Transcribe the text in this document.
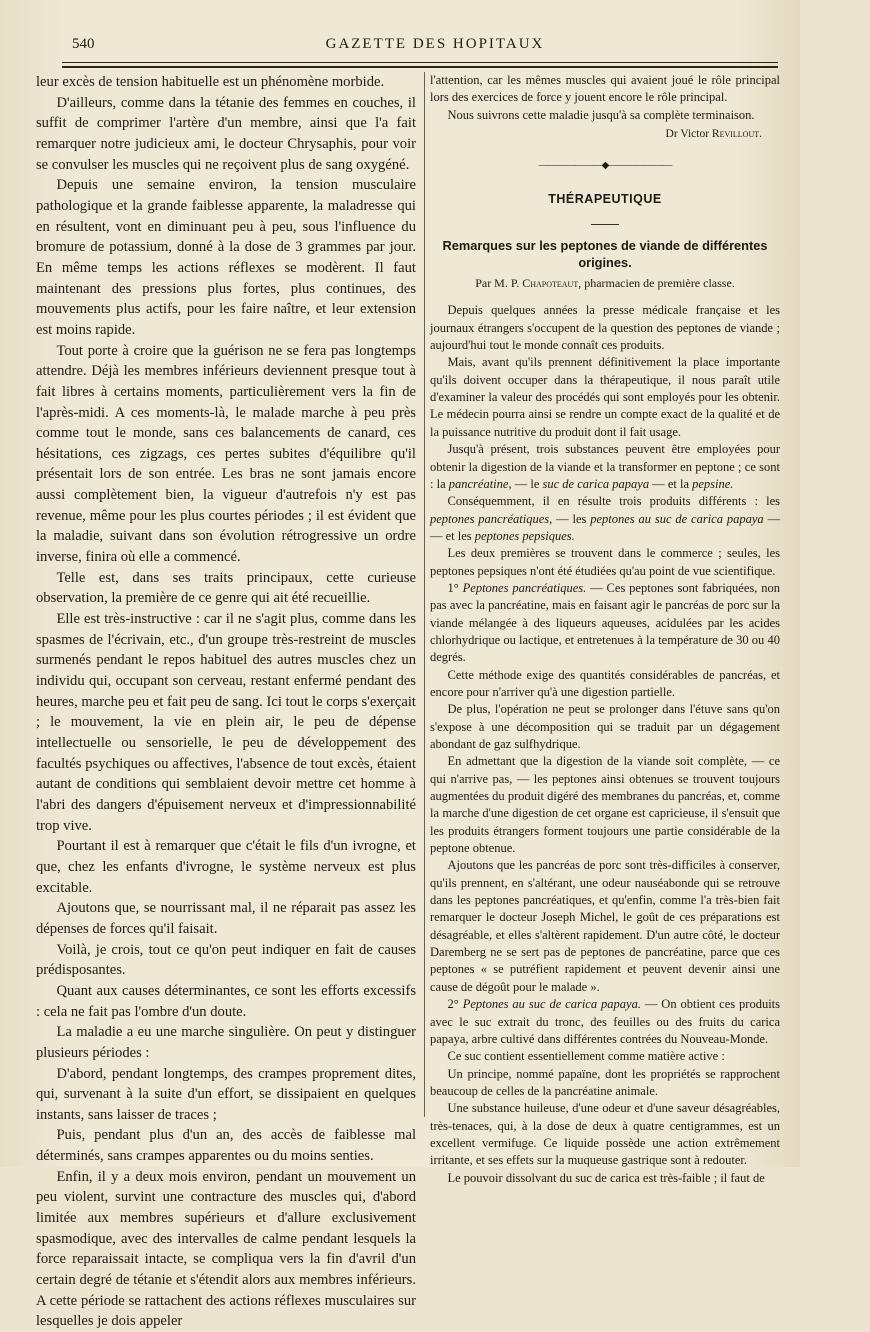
540	GAZETTE DES HOPITAUX

leur excès de tension habituelle est un phénomène morbide.

D'ailleurs, comme dans la tétanie des femmes en couches, il suffit de comprimer l'artère d'un membre, ainsi que l'a fait remarquer notre judicieux ami, le docteur Chrysaphis, pour voir se convulser les muscles qui ne reçoivent plus de sang oxygéné.

Depuis une semaine environ, la tension musculaire pathologique et la grande faiblesse apparente, la maladresse qui en résultent, vont en diminuant peu à peu, sous l'influence du bromure de potassium, donné à la dose de 3 grammes par jour. En même temps les actions réflexes se modèrent. Il faut maintenant des pressions plus fortes, plus continues, des mouvements plus actifs, pour les faire naître, et leur extension est moins rapide.

Tout porte à croire que la guérison ne se fera pas longtemps attendre. Déjà les membres inférieurs deviennent presque tout à fait libres à certains moments, particulièrement vers la fin de l'après-midi. A ces moments-là, le malade marche à peu près comme tout le monde, sans ces balancements de canard, ces hésitations, ces zigzags, ces pertes subites d'équilibre qu'il présentait lors de son entrée. Les bras ne sont jamais encore aussi complètement bien, la vigueur d'autrefois n'y est pas revenue, même pour les plus courtes périodes ; il est évident que la maladie, suivant dans son évolution rétrogressive un ordre inverse, finira où elle a commencé.

Telle est, dans ses traits principaux, cette curieuse observation, la première de ce genre qui ait été recueillie.

Elle est très-instructive : car il ne s'agit plus, comme dans les spasmes de l'écrivain, etc., d'un groupe très-restreint de muscles surmenés pendant le repos habituel des autres muscles chez un individu qui, occupant son cerveau, restant enfermé pendant des heures, marche peu et fait peu de sang. Ici tout le corps s'exerçait ; le mouvement, la vie en plein air, le peu de dépense intellectuelle ou sensorielle, le peu de développement des facultés psychiques ou affectives, l'absence de tout excès, étaient autant de conditions qui semblaient devoir mettre cet homme à l'abri des dangers d'épuisement nerveux et d'impressionnabilité trop vive.

Pourtant il est à remarquer que c'était le fils d'un ivrogne, et que, chez les enfants d'ivrogne, le système nerveux est plus excitable.

Ajoutons que, se nourrissant mal, il ne réparait pas assez les dépenses de forces qu'il faisait.

Voilà, je crois, tout ce qu'on peut indiquer en fait de causes prédisposantes.

Quant aux causes déterminantes, ce sont les efforts excessifs : cela ne fait pas l'ombre d'un doute.

La maladie a eu une marche singulière. On peut y distinguer plusieurs périodes :

D'abord, pendant longtemps, des crampes proprement dites, qui, survenant à la suite d'un effort, se dissipaient en quelques instants, sans laisser de traces ;

Puis, pendant plus d'un an, des accès de faiblesse mal déterminés, sans crampes apparentes ou du moins senties.

Enfin, il y a deux mois environ, pendant un mouvement un peu violent, survint une contracture des muscles qui, d'abord limitée aux membres supérieurs et d'allure exclusivement spasmodique, avec des intervalles de calme pendant lesquels la force reparaissait intacte, se compliqua vers la fin d'avril d'un certain degré de tétanie et s'étendit alors aux membres inférieurs. A cette période se rattachent des actions réflexes musculaires sur lesquelles je dois appeler

l'attention, car les mêmes muscles qui avaient joué le rôle principal lors des exercices de force y jouent encore le rôle principal.

Nous suivrons cette maladie jusqu'à sa complète terminaison.

Dr Victor Revillout.

———————◆———————

THÉRAPEUTIQUE

Remarques sur les peptones de viande de différentes origines.

Par M. P. Chapoteaut, pharmacien de première classe.

Depuis quelques années la presse médicale française et les journaux étrangers s'occupent de la question des peptones de viande ; aujourd'hui tout le monde connaît ces produits.

Mais, avant qu'ils prennent définitivement la place importante qu'ils doivent occuper dans la thérapeutique, il nous paraît utile d'examiner la valeur des procédés qui sont employés pour les obtenir. Le médecin pourra ainsi se rendre un compte exact de la qualité et de la puissance nutritive du produit dont il fait usage.

Jusqu'à présent, trois substances peuvent être employées pour obtenir la digestion de la viande et la transformer en peptone ; ce sont : la pancréatine, — le suc de carica papaya — et la pepsine.

Conséquemment, il en résulte trois produits différents : les peptones pancréatiques, — les peptones au suc de carica papaya — — et les peptones pepsiques.

Les deux premières se trouvent dans le commerce ; seules, les peptones pepsiques n'ont été étudiées qu'au point de vue scientifique.

1° Peptones pancréatiques. — Ces peptones sont fabriquées, non pas avec la pancréatine, mais en faisant agir le pancréas de porc sur la viande mélangée à des liqueurs aqueuses, acidulées par les acides chlorhydrique ou lactique, et entretenues à la température de 30 ou 40 degrés.

Cette méthode exige des quantités considérables de pancréas, et encore pour n'arriver qu'à une digestion partielle.

De plus, l'opération ne peut se prolonger dans l'étuve sans qu'on s'expose à une décomposition qui se traduit par un dégagement abondant de gaz sulfhydrique.

En admettant que la digestion de la viande soit complète, — ce qui n'arrive pas, — les peptones ainsi obtenues se trouvent toujours augmentées du produit digéré des membranes du pancréas, et, comme la marche d'une digestion de cet organe est capricieuse, il s'ensuit que les produits étrangers forment toujours une partie considérable de la peptone obtenue.

Ajoutons que les pancréas de porc sont très-difficiles à conserver, qu'ils prennent, en s'altérant, une odeur nauséabonde qui se retrouve dans les peptones pancréatiques, et qu'enfin, comme l'a très-bien fait remarquer le docteur Joseph Michel, le goût de ces préparations est désagréable, et elles s'altèrent rapidement. D'un autre côté, le docteur Daremberg ne se sert pas de peptones de pancréatine, parce que ces peptones « se putréfient rapidement et peuvent devenir ainsi une cause de dégoût pour le malade ».

2° Peptones au suc de carica papaya. — On obtient ces produits avec le suc extrait du tronc, des feuilles ou des fruits du carica papaya, arbre cultivé dans différentes contrées du Nouveau-Monde.

Ce suc contient essentiellement comme matière active :

Un principe, nommé papaïne, dont les propriétés se rapprochent beaucoup de celles de la pancréatine animale.

Une substance huileuse, d'une odeur et d'une saveur désagréables, très-tenaces, qui, à la dose de deux à quatre centigrammes, est un excellent vermifuge. Ce liquide possède une action extrêmement irritante, et ses effets sur la muqueuse gastrique sont à redouter.

Le pouvoir dissolvant du suc de carica est très-faible ; il faut de
